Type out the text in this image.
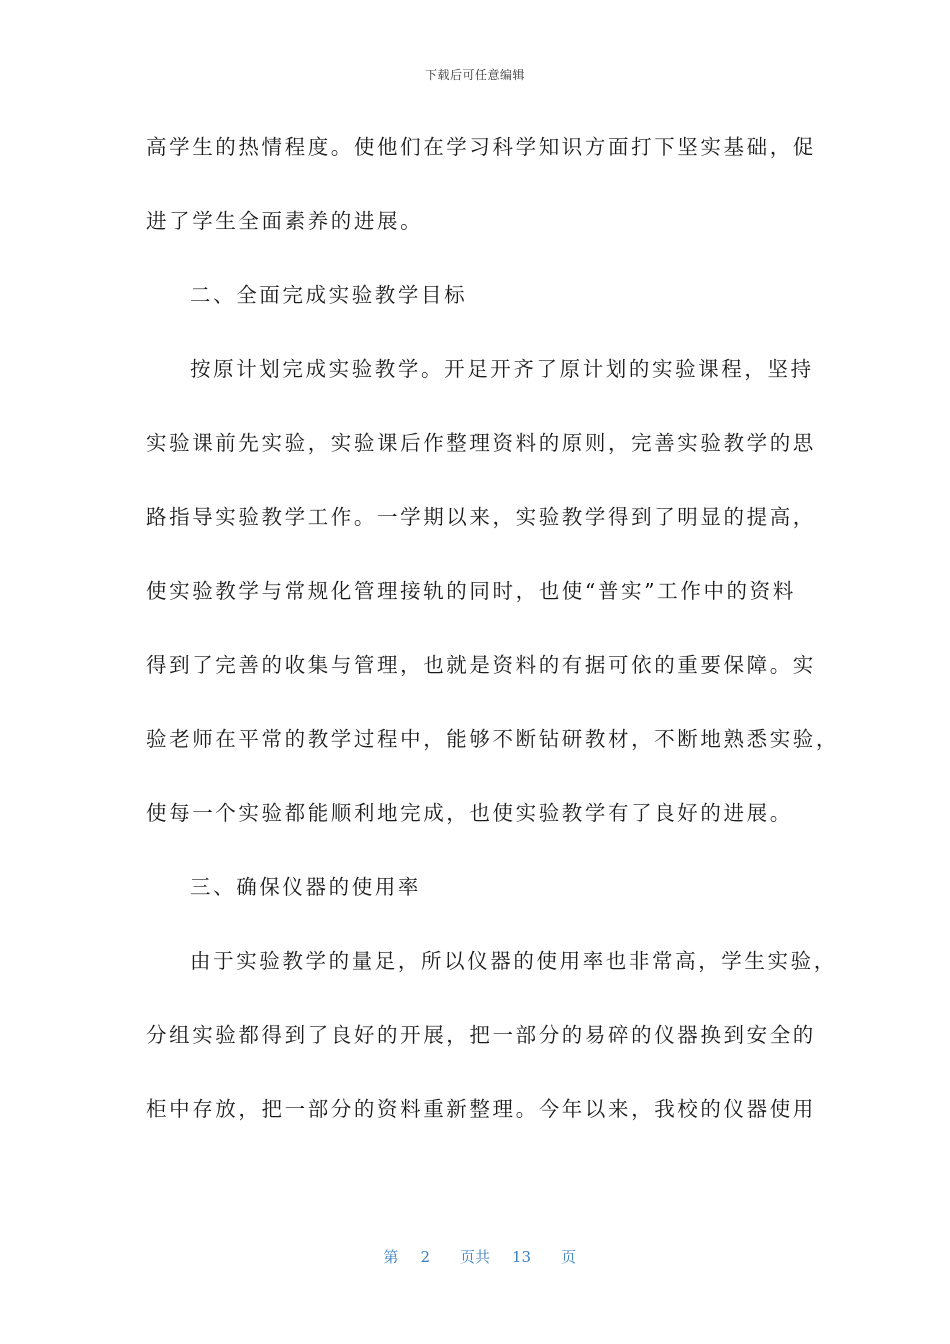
下载后可任意编辑
高学生的热情程度。使他们在学习科学知识方面打下坚实基础，促
进了学生全面素养的进展。
二、全面完成实验教学目标
按原计划完成实验教学。开足开齐了原计划的实验课程，坚持
实验课前先实验，实验课后作整理资料的原则，完善实验教学的思
路指导实验教学工作。一学期以来，实验教学得到了明显的提高，
使实验教学与常规化管理接轨的同时，也使“普实”工作中的资料
得到了完善的收集与管理，也就是资料的有据可依的重要保障。实
验老师在平常的教学过程中，能够不断钻研教材，不断地熟悉实验，
使每一个实验都能顺利地完成，也使实验教学有了良好的进展。
三、确保仪器的使用率
由于实验教学的量足，所以仪器的使用率也非常高，学生实验，
分组实验都得到了良好的开展，把一部分的易碎的仪器换到安全的
柜中存放，把一部分的资料重新整理。今年以来，我校的仪器使用

第 2 页共 13 页
